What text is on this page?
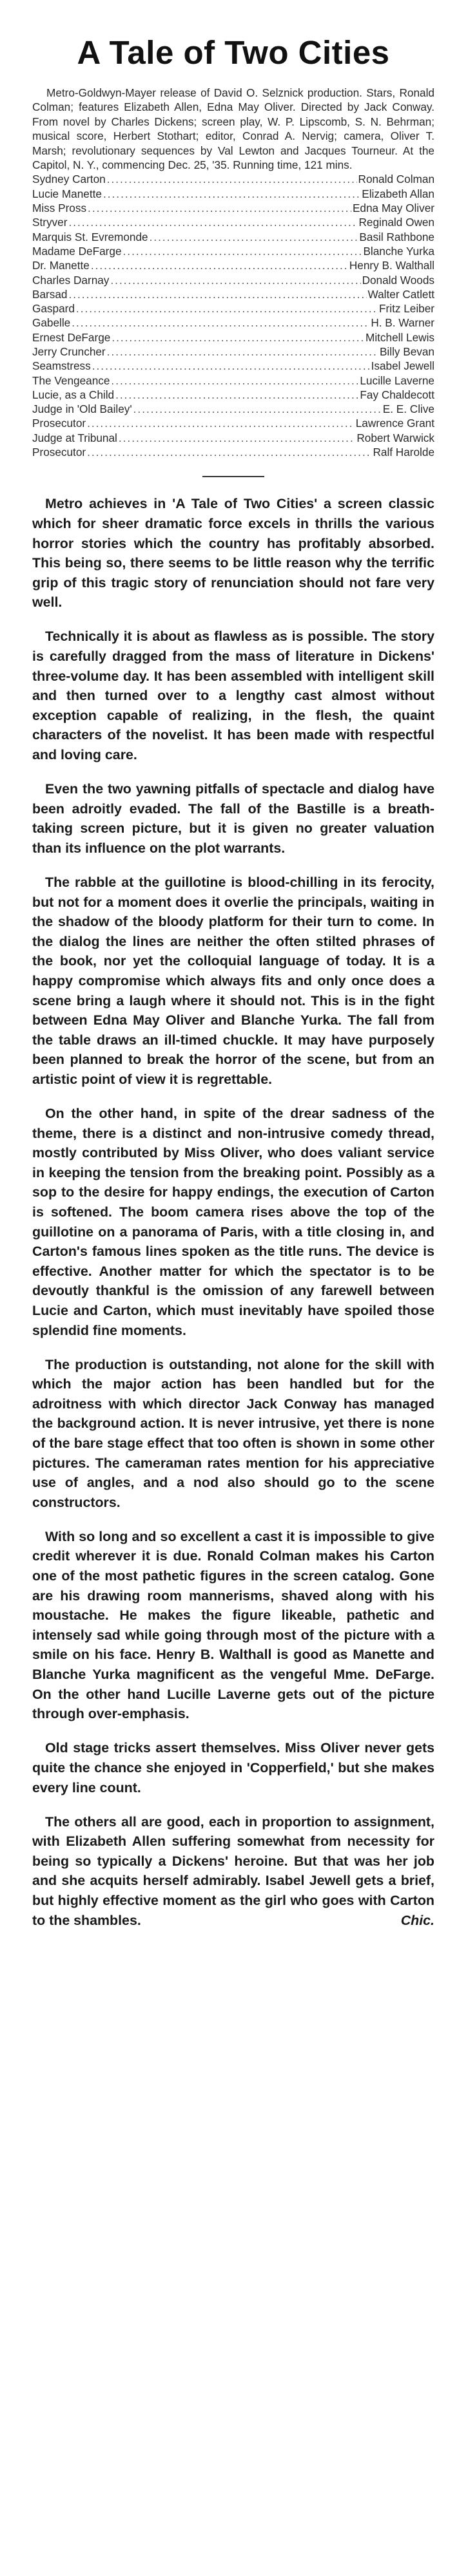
A Tale of Two Cities

Metro-Goldwyn-Mayer release of David O. Selznick production. Stars, Ronald Colman; features Elizabeth Allen, Edna May Oliver. Directed by Jack Conway. From novel by Charles Dickens; screen play, W. P. Lipscomb, S. N. Behrman; musical score, Herbert Stothart; editor, Conrad A. Nervig; camera, Oliver T. Marsh; revolutionary sequences by Val Lewton and Jacques Tourneur. At the Capitol, N. Y., commencing Dec. 25, '35. Running time, 121 mins.

Sydney Carton .....	Ronald Colman
Lucie Manette .....	Elizabeth Allan
Miss Pross .....	Edna May Oliver
Stryver .....	Reginald Owen
Marquis St. Evremonde .....	Basil Rathbone
Madame DeFarge .....	Blanche Yurka
Dr. Manette .....	Henry B. Walthall
Charles Darnay .....	Donald Woods
Barsad .....	Walter Catlett
Gaspard .....	Fritz Leiber
Gabelle .....	H. B. Warner
Ernest DeFarge .....	Mitchell Lewis
Jerry Cruncher .....	Billy Bevan
Seamstress .....	Isabel Jewell
The Vengeance .....	Lucille Laverne
Lucie, as a Child .....	Fay Chaldecott
Judge in 'Old Bailey' .....	E. E. Clive
Prosecutor .....	Lawrence Grant
Judge at Tribunal .....	Robert Warwick
Prosecutor .....	Ralf Harolde

Metro achieves in 'A Tale of Two Cities' a screen classic which for sheer dramatic force excels in thrills the various horror stories which the country has profitably absorbed. This being so, there seems to be little reason why the terrific grip of this tragic story of renunciation should not fare very well.

Technically it is about as flawless as is possible. The story is carefully dragged from the mass of literature in Dickens' three-volume day. It has been assembled with intelligent skill and then turned over to a lengthy cast almost without exception capable of realizing, in the flesh, the quaint characters of the novelist. It has been made with respectful and loving care.

Even the two yawning pitfalls of spectacle and dialog have been adroitly evaded. The fall of the Bastille is a breath-taking screen picture, but it is given no greater valuation than its influence on the plot warrants.

The rabble at the guillotine is blood-chilling in its ferocity, but not for a moment does it overlie the principals, waiting in the shadow of the bloody platform for their turn to come. In the dialog the lines are neither the often stilted phrases of the book, nor yet the colloquial language of today. It is a happy compromise which always fits and only once does a scene bring a laugh where it should not. This is in the fight between Edna May Oliver and Blanche Yurka. The fall from the table draws an ill-timed chuckle. It may have purposely been planned to break the horror of the scene, but from an artistic point of view it is regrettable.

On the other hand, in spite of the drear sadness of the theme, there is a distinct and non-intrusive comedy thread, mostly contributed by Miss Oliver, who does valiant service in keeping the tension from the breaking point. Possibly as a sop to the desire for happy endings, the execution of Carton is softened. The boom camera rises above the top of the guillotine on a panorama of Paris, with a title closing in, and Carton's famous lines spoken as the title runs. The device is effective. Another matter for which the spectator is to be devoutly thankful is the omission of any farewell between Lucie and Carton, which must inevitably have spoiled those splendid fine moments.

The production is outstanding, not alone for the skill with which the major action has been handled but for the adroitness with which director Jack Conway has managed the background action. It is never intrusive, yet there is none of the bare stage effect that too often is shown in some other pictures. The cameraman rates mention for his appreciative use of angles, and a nod also should go to the scene constructors.

With so long and so excellent a cast it is impossible to give credit wherever it is due. Ronald Colman makes his Carton one of the most pathetic figures in the screen catalog. Gone are his drawing room mannerisms, shaved along with his moustache. He makes the figure likeable, pathetic and intensely sad while going through most of the picture with a smile on his face. Henry B. Walthall is good as Manette and Blanche Yurka magnificent as the vengeful Mme. DeFarge. On the other hand Lucille Laverne gets out of the picture through over-emphasis.

Old stage tricks assert themselves. Miss Oliver never gets quite the chance she enjoyed in 'Copperfield,' but she makes every line count.

The others all are good, each in proportion to assignment, with Elizabeth Allen suffering somewhat from necessity for being so typically a Dickens' heroine. But that was her job and she acquits herself admirably. Isabel Jewell gets a brief, but highly effective moment as the girl who goes with Carton to the shambles.	Chic.
